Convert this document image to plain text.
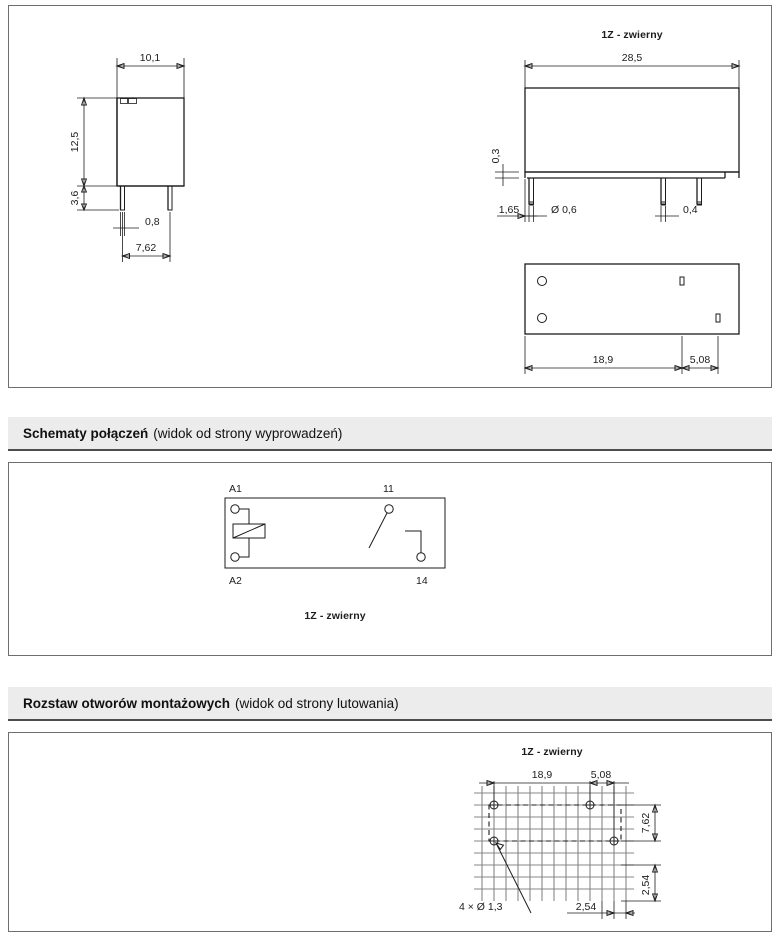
10,1
12,5
3,6
0,8
7,62
1Z - zwierny
28,5
0,3
1,65	Ø 0,6	0,4
18,9	5,08
Schematy połączeń (widok od strony wyprowadzeń)
A1	11
A2	14
1Z - zwierny
Rozstaw otworów montażowych (widok od strony lutowania)
1Z - zwierny
18,9	5,08
7,62
2,54
2,54
4 × Ø 1,3
